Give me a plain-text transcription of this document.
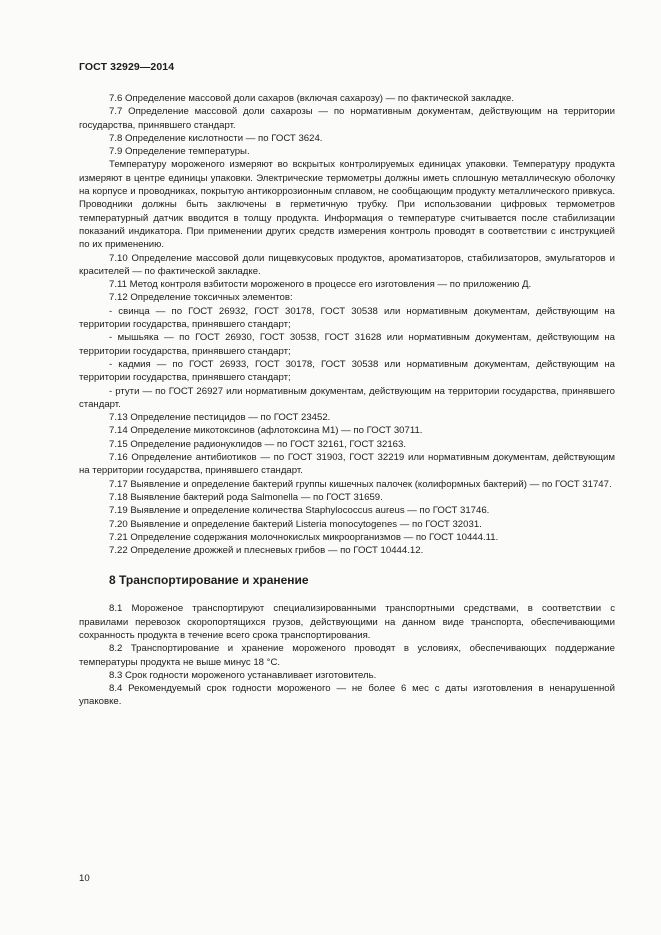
ГОСТ 32929—2014

7.6 Определение массовой доли сахаров (включая сахарозу) — по фактической закладке.

7.7 Определение массовой доли сахарозы — по нормативным документам, действующим на территории государства, принявшего стандарт.

7.8 Определение кислотности — по ГОСТ 3624.

7.9 Определение температуры.

Температуру мороженого измеряют во вскрытых контролируемых единицах упаковки. Температуру продукта измеряют в центре единицы упаковки. Электрические термометры должны иметь сплошную металлическую оболочку на корпусе и проводниках, покрытую антикоррозионным сплавом, не сообщающим продукту металлического привкуса. Проводники должны быть заключены в герметичную трубку. При использовании цифровых термометров температурный датчик вводится в толщу продукта. Информация о температуре считывается после стабилизации показаний индикатора. При применении других средств измерения контроль проводят в соответствии с инструкцией по их применению.

7.10 Определение массовой доли пищевкусовых продуктов, ароматизаторов, стабилизаторов, эмульгаторов и красителей — по фактической закладке.

7.11 Метод контроля взбитости мороженого в процессе его изготовления — по приложению Д.

7.12 Определение токсичных элементов:

- свинца — по ГОСТ 26932, ГОСТ 30178, ГОСТ 30538 или нормативным документам, действующим на территории государства, принявшего стандарт;

- мышьяка — по ГОСТ 26930, ГОСТ 30538, ГОСТ 31628 или нормативным документам, действующим на территории государства, принявшего стандарт;

- кадмия — по ГОСТ 26933, ГОСТ 30178, ГОСТ 30538 или нормативным документам, действующим на территории государства, принявшего стандарт;

- ртути — по ГОСТ 26927 или нормативным документам, действующим на территории государства, принявшего стандарт.

7.13 Определение пестицидов — по ГОСТ 23452.

7.14 Определение микотоксинов (афлотоксина M1) — по ГОСТ 30711.

7.15 Определение радионуклидов — по ГОСТ 32161, ГОСТ 32163.

7.16 Определение антибиотиков — по ГОСТ 31903, ГОСТ 32219 или нормативным документам, действующим на территории государства, принявшего стандарт.

7.17 Выявление и определение бактерий группы кишечных палочек (колиформных бактерий) — по ГОСТ 31747.

7.18 Выявление бактерий рода Salmonella — по ГОСТ 31659.

7.19 Выявление и определение количества Staphylococcus aureus — по ГОСТ 31746.

7.20 Выявление и определение бактерий Listeria monocytogenes — по ГОСТ 32031.

7.21 Определение содержания молочнокислых микроорганизмов — по ГОСТ 10444.11.

7.22 Определение дрожжей и плесневых грибов — по ГОСТ 10444.12.

8 Транспортирование и хранение

8.1 Мороженое транспортируют специализированными транспортными средствами, в соответствии с правилами перевозок скоропортящихся грузов, действующими на данном виде транспорта, обеспечивающими сохранность продукта в течение всего срока транспортирования.

8.2 Транспортирование и хранение мороженого проводят в условиях, обеспечивающих поддержание температуры продукта не выше минус 18 °С.

8.3 Срок годности мороженого устанавливает изготовитель.

8.4 Рекомендуемый срок годности мороженого — не более 6 мес с даты изготовления в ненарушенной упаковке.

10
